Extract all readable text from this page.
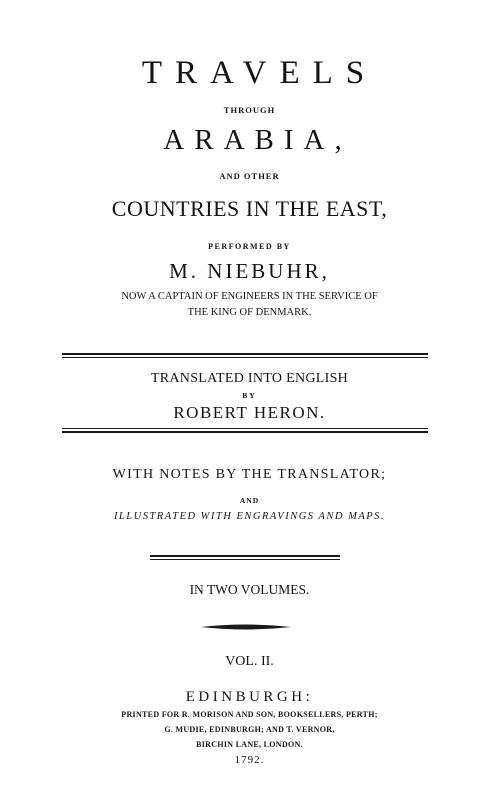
TRAVELS
THROUGH
ARABIA,
AND OTHER
COUNTRIES IN THE EAST,
PERFORMED BY
M. NIEBUHR,
NOW A CAPTAIN OF ENGINEERS IN THE SERVICE OF
THE KING OF DENMARK.
TRANSLATED INTO ENGLISH
BY
ROBERT HERON.
WITH NOTES BY THE TRANSLATOR;
AND
ILLUSTRATED WITH ENGRAVINGS AND MAPS.
IN TWO VOLUMES.
VOL. II.
EDINBURGH:
PRINTED FOR R. MORISON AND SON, BOOKSELLERS, PERTH;
G. MUDIE, EDINBURGH; AND T. VERNOR,
BIRCHIN LANE, LONDON.
1792.
